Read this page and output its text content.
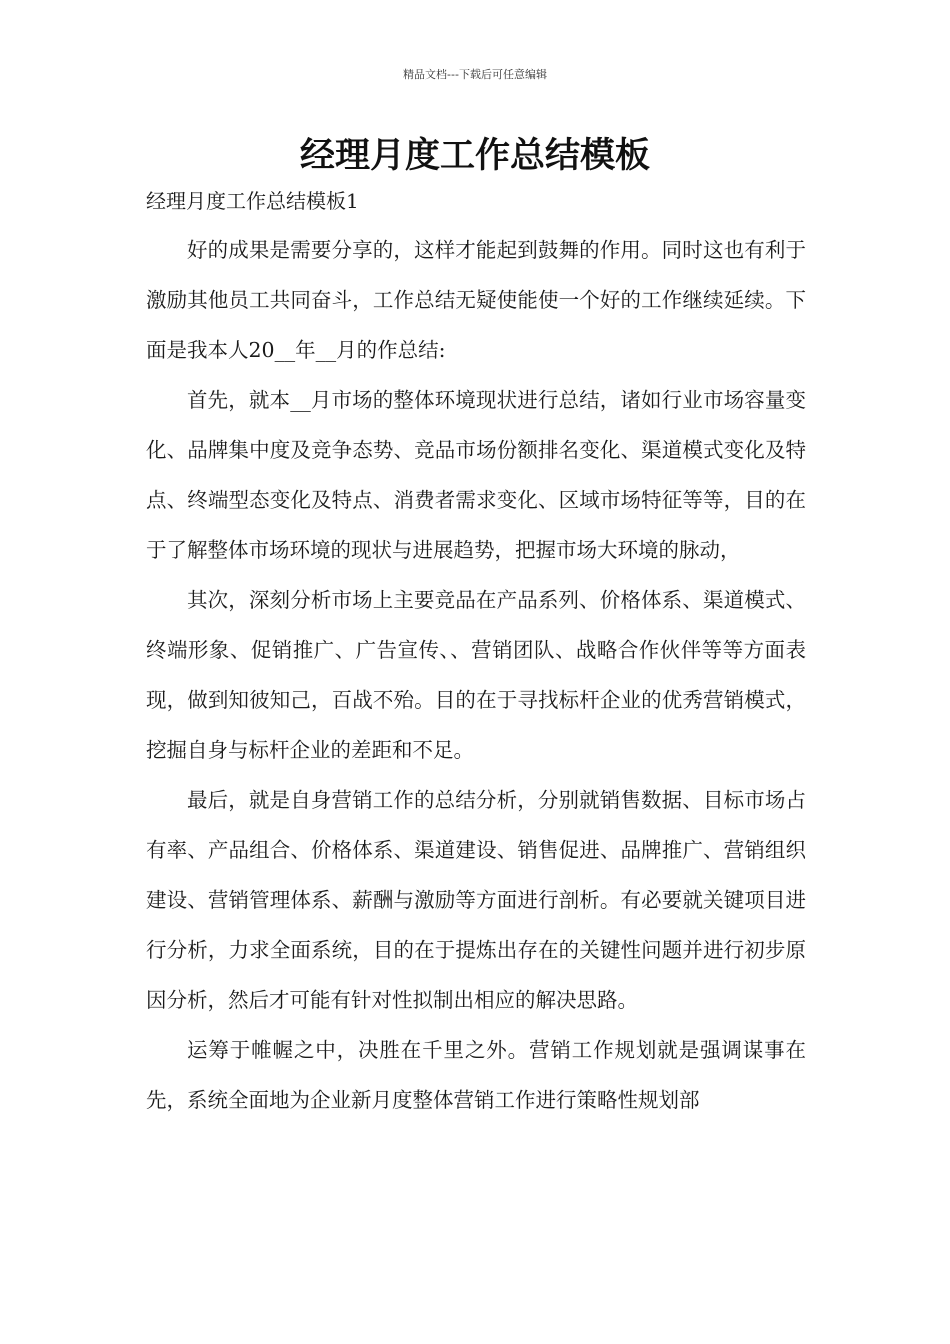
精品文档---下载后可任意编辑
经理月度工作总结模板
经理月度工作总结模板1

好的成果是需要分享的，这样才能起到鼓舞的作用。同时这也有利于激励其他员工共同奋斗，工作总结无疑使能使一个好的工作继续延续。下面是我本人20__年__月的作总结:

首先，就本__月市场的整体环境现状进行总结，诸如行业市场容量变化、品牌集中度及竞争态势、竞品市场份额排名变化、渠道模式变化及特点、终端型态变化及特点、消费者需求变化、区域市场特征等等，目的在于了解整体市场环境的现状与进展趋势，把握市场大环境的脉动，

其次，深刻分析市场上主要竞品在产品系列、价格体系、渠道模式、终端形象、促销推广、广告宣传、、营销团队、战略合作伙伴等等方面表现，做到知彼知己，百战不殆。目的在于寻找标杆企业的优秀营销模式，挖掘自身与标杆企业的差距和不足。

最后，就是自身营销工作的总结分析，分别就销售数据、目标市场占有率、产品组合、价格体系、渠道建设、销售促进、品牌推广、营销组织建设、营销管理体系、薪酬与激励等方面进行剖析。有必要就关键项目进行分析，力求全面系统，目的在于提炼出存在的关键性问题并进行初步原因分析，然后才可能有针对性拟制出相应的解决思路。

运筹于帷幄之中，决胜在千里之外。营销工作规划就是强调谋事在先，系统全面地为企业新月度整体营销工作进行策略性规划部
